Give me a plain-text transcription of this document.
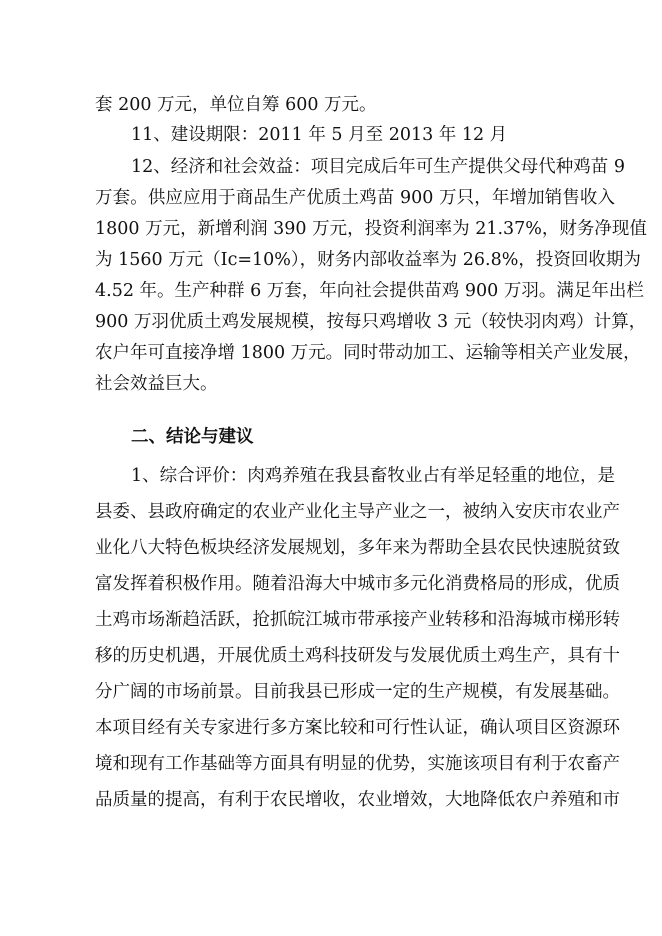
套 200 万元，单位自筹 600 万元。
11、建设期限：2011 年 5 月至 2013 年 12 月
12、经济和社会效益：项目完成后年可生产提供父母代种鸡苗 9
万套。供应应用于商品生产优质土鸡苗 900 万只，年增加销售收入
1800 万元，新增利润 390 万元，投资利润率为 21.37%，财务净现值
为 1560 万元（Ic=10%），财务内部收益率为 26.8%，投资回收期为
4.52 年。生产种群 6 万套，年向社会提供苗鸡 900 万羽。满足年出栏
900 万羽优质土鸡发展规模，按每只鸡增收 3 元（较快羽肉鸡）计算，
农户年可直接净增 1800 万元。同时带动加工、运输等相关产业发展，
社会效益巨大。
二、结论与建议
1、综合评价：肉鸡养殖在我县畜牧业占有举足轻重的地位，是
县委、县政府确定的农业产业化主导产业之一，被纳入安庆市农业产
业化八大特色板块经济发展规划，多年来为帮助全县农民快速脱贫致
富发挥着积极作用。随着沿海大中城市多元化消费格局的形成，优质
土鸡市场渐趋活跃，抢抓皖江城市带承接产业转移和沿海城市梯形转
移的历史机遇，开展优质土鸡科技研发与发展优质土鸡生产，具有十
分广阔的市场前景。目前我县已形成一定的生产规模，有发展基础。
本项目经有关专家进行多方案比较和可行性认证，确认项目区资源环
境和现有工作基础等方面具有明显的优势，实施该项目有利于农畜产
品质量的提高，有利于农民增收，农业增效，大地降低农户养殖和市
